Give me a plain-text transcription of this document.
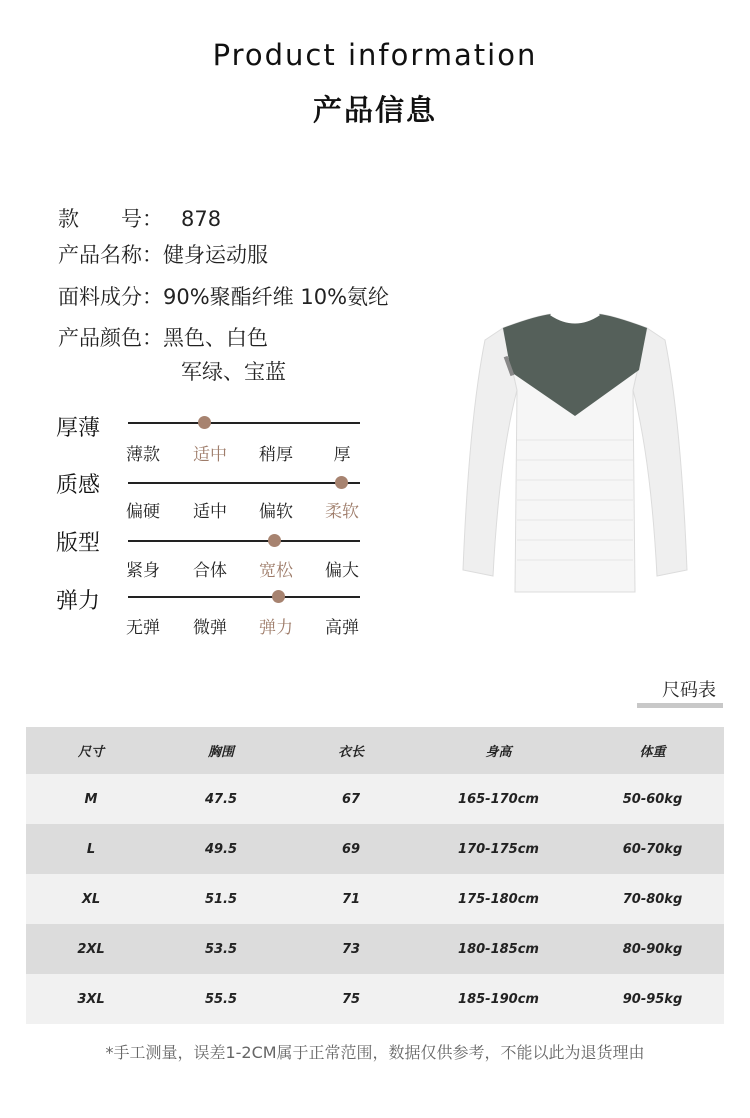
Product information
产品信息
款　　号： 878
产品名称：健身运动服
面料成分：90%聚酯纤维 10%氨纶
产品颜色：黑色、白色
军绿、宝蓝
厚薄
薄款	适中	稍厚	厚
质感
偏硬	适中	偏软	柔软
版型
紧身	合体	宽松	偏大
弹力
无弹	微弹	弹力	高弹
尺码表
尺寸	胸围	衣长	身高	体重
M	47.5	67	165-170cm	50-60kg
L	49.5	69	170-175cm	60-70kg
XL	51.5	71	175-180cm	70-80kg
2XL	53.5	73	180-185cm	80-90kg
3XL	55.5	75	185-190cm	90-95kg
*手工测量，误差1-2CM属于正常范围，数据仅供参考，不能以此为退货理由
